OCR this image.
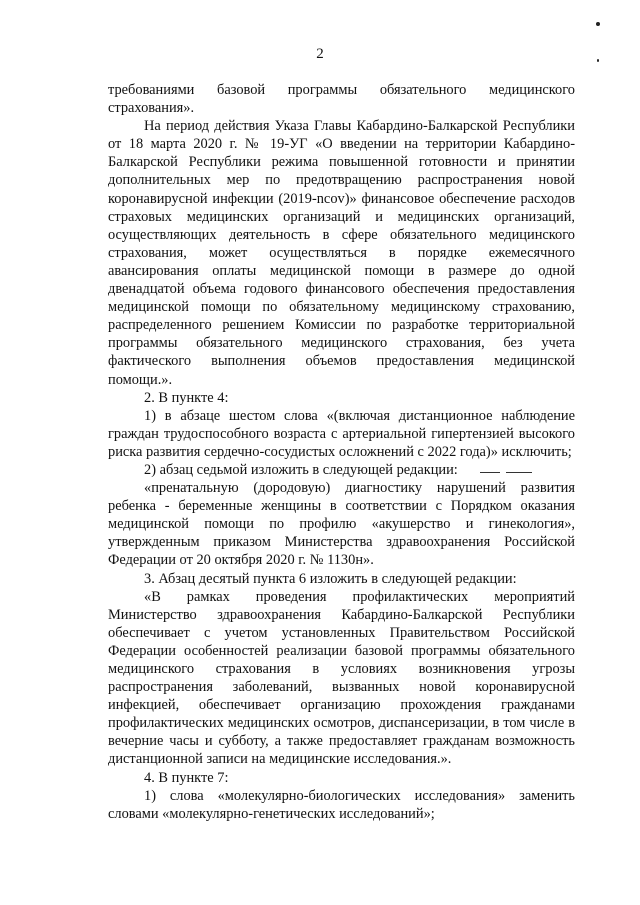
2

требованиями базовой программы обязательного медицинского страхования».

На период действия Указа Главы Кабардино-Балкарской Республики от 18 марта 2020 г. № 19-УГ «О введении на территории Кабардино-Балкарской Республики режима повышенной готовности и принятии дополнительных мер по предотвращению распространения новой коронавирусной инфекции (2019-ncov)» финансовое обеспечение расходов страховых медицинских организаций и медицинских организаций, осуществляющих деятельность в сфере обязательного медицинского страхования, может осуществляться в порядке ежемесячного авансирования оплаты медицинской помощи в размере до одной двенадцатой объема годового финансового обеспечения предоставления медицинской помощи по обязательному медицинскому страхованию, распределенного решением Комиссии по разработке территориальной программы обязательного медицинского страхования, без учета фактического выполнения объемов предоставления медицинской помощи.».

2. В пункте 4:

1) в абзаце шестом слова «(включая дистанционное наблюдение граждан трудоспособного возраста с артериальной гипертензией высокого риска развития сердечно-сосудистых осложнений с 2022 года)» исключить;

2) абзац седьмой изложить в следующей редакции:

«пренатальную (дородовую) диагностику нарушений развития ребенка - беременные женщины в соответствии с Порядком оказания медицинской помощи по профилю «акушерство и гинекология», утвержденным приказом Министерства здравоохранения Российской Федерации от 20 октября 2020 г. № 1130н».

3. Абзац десятый пункта 6 изложить в следующей редакции:

«В рамках проведения профилактических мероприятий Министерство здравоохранения Кабардино-Балкарской Республики обеспечивает с учетом установленных Правительством Российской Федерации особенностей реализации базовой программы обязательного медицинского страхования в условиях возникновения угрозы распространения заболеваний, вызванных новой коронавирусной инфекцией, обеспечивает организацию прохождения гражданами профилактических медицинских осмотров, диспансеризации, в том числе в вечерние часы и субботу, а также предоставляет гражданам возможность дистанционной записи на медицинские исследования.».

4. В пункте 7:

1) слова «молекулярно-биологических исследования» заменить словами «молекулярно-генетических исследований»;
